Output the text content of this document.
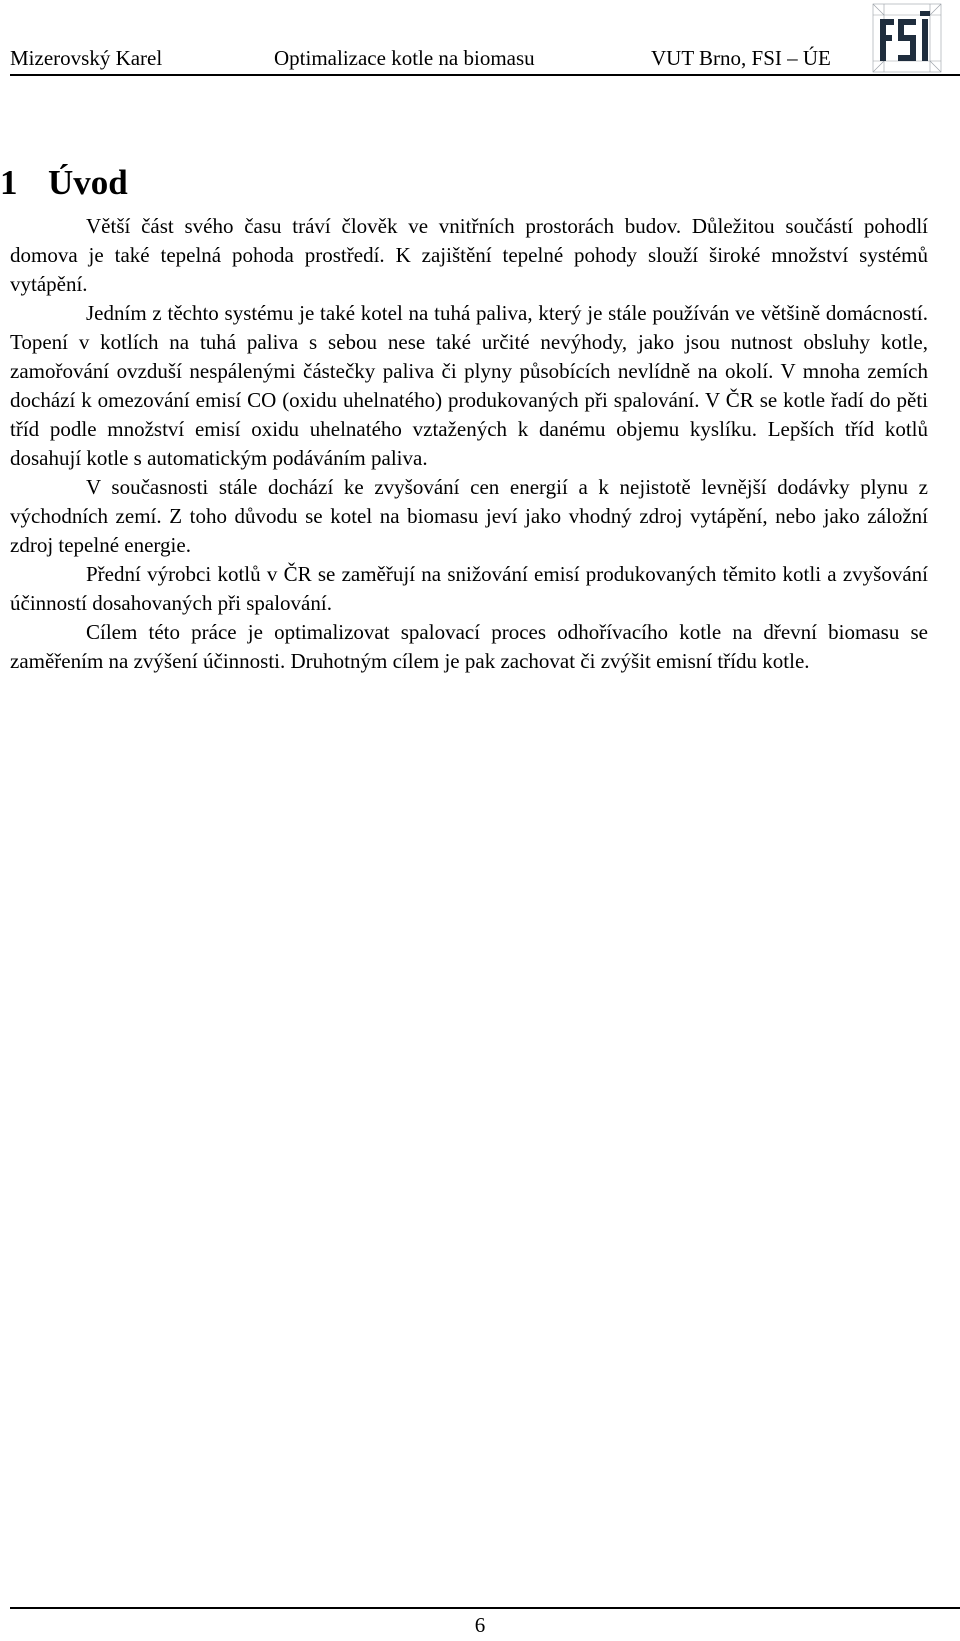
Mizerovský Karel	Optimalizace kotle na biomasu	VUT Brno, FSI – ÚE
1 Úvod

Větší část svého času tráví člověk ve vnitřních prostorách budov. Důležitou součástí pohodlí domova je také tepelná pohoda prostředí. K zajištění tepelné pohody slouží široké množství systémů vytápění.

Jedním z těchto systému je také kotel na tuhá paliva, který je stále používán ve většině domácností. Topení v kotlích na tuhá paliva s sebou nese také určité nevýhody, jako jsou nutnost obsluhy kotle, zamořování ovzduší nespálenými částečky paliva či plyny působících nevlídně na okolí. V mnoha zemích dochází k omezování emisí CO (oxidu uhelnatého) produkovaných při spalování. V ČR se kotle řadí do pěti tříd podle množství emisí oxidu uhelnatého vztažených k danému objemu kyslíku. Lepších tříd kotlů dosahují kotle s automatickým podáváním paliva.

V současnosti stále dochází ke zvyšování cen energií a k nejistotě levnější dodávky plynu z východních zemí. Z toho důvodu se kotel na biomasu jeví jako vhodný zdroj vytápění, nebo jako záložní zdroj tepelné energie.

Přední výrobci kotlů v ČR se zaměřují na snižování emisí produkovaných těmito kotli a zvyšování účinností dosahovaných při spalování.

Cílem této práce je optimalizovat spalovací proces odhořívacího kotle na dřevní biomasu se zaměřením na zvýšení účinnosti. Druhotným cílem je pak zachovat či zvýšit emisní třídu kotle.

6
